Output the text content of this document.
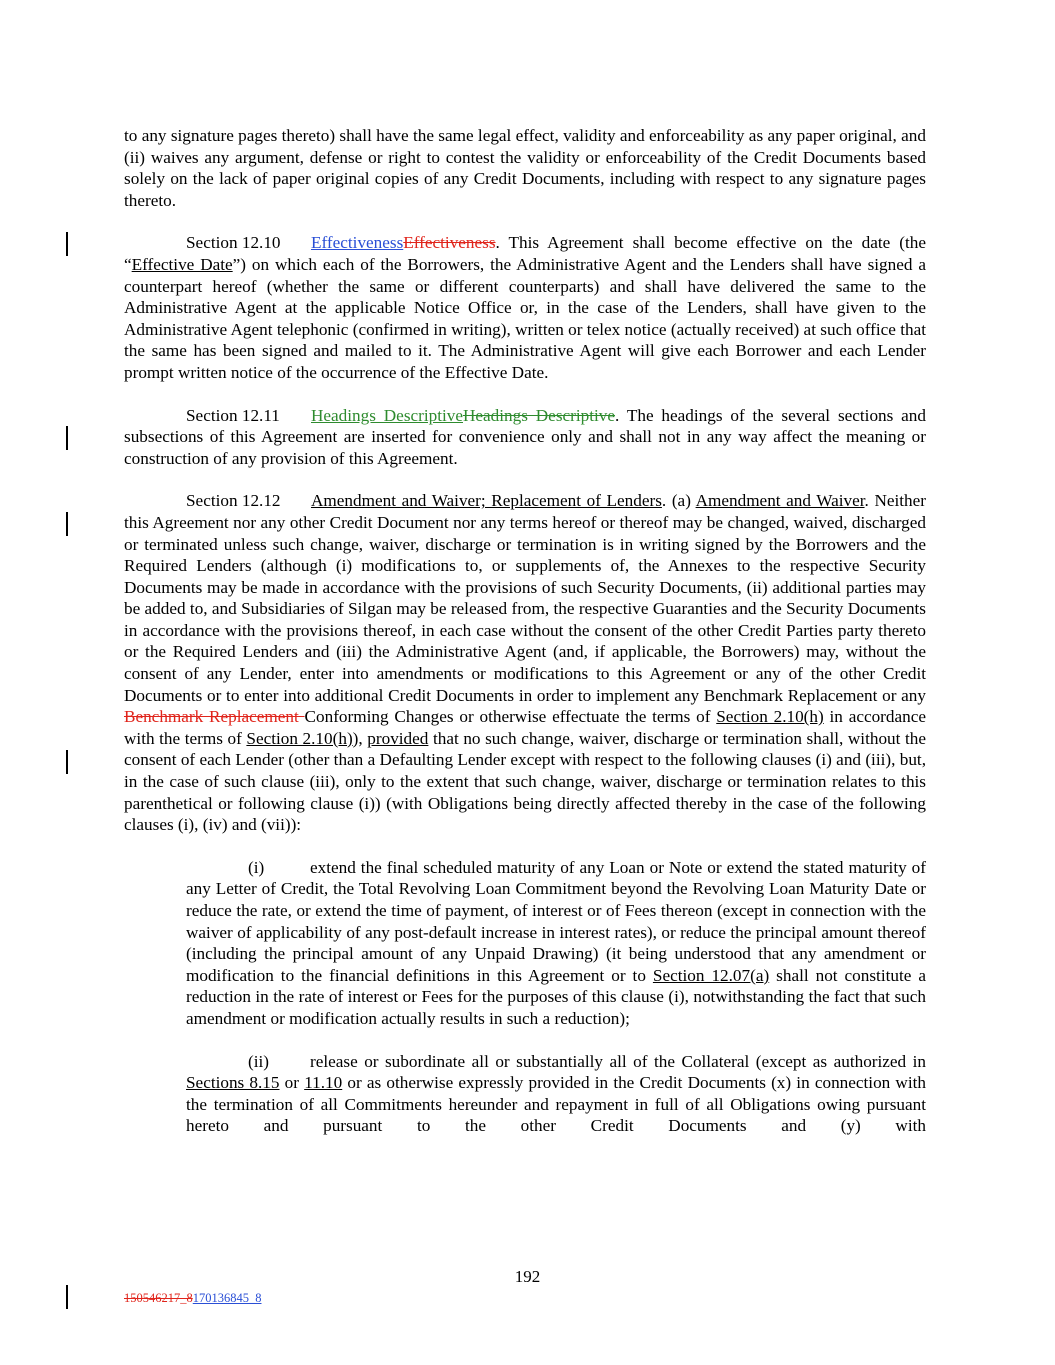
to any signature pages thereto) shall have the same legal effect, validity and enforceability as any paper original, and (ii) waives any argument, defense or right to contest the validity or enforceability of the Credit Documents based solely on the lack of paper original copies of any Credit Documents, including with respect to any signature pages thereto.

Section 12.10 EffectivenessEffectiveness. This Agreement shall become effective on the date (the “Effective Date”) on which each of the Borrowers, the Administrative Agent and the Lenders shall have signed a counterpart hereof (whether the same or different counterparts) and shall have delivered the same to the Administrative Agent at the applicable Notice Office or, in the case of the Lenders, shall have given to the Administrative Agent telephonic (confirmed in writing), written or telex notice (actually received) at such office that the same has been signed and mailed to it. The Administrative Agent will give each Borrower and each Lender prompt written notice of the occurrence of the Effective Date.

Section 12.11 Headings DescriptiveHeadings Descriptive. The headings of the several sections and subsections of this Agreement are inserted for convenience only and shall not in any way affect the meaning or construction of any provision of this Agreement.

Section 12.12 Amendment and Waiver; Replacement of Lenders. (a) Amendment and Waiver. Neither this Agreement nor any other Credit Document nor any terms hereof or thereof may be changed, waived, discharged or terminated unless such change, waiver, discharge or termination is in writing signed by the Borrowers and the Required Lenders (although (i) modifications to, or supplements of, the Annexes to the respective Security Documents may be made in accordance with the provisions of such Security Documents, (ii) additional parties may be added to, and Subsidiaries of Silgan may be released from, the respective Guaranties and the Security Documents in accordance with the provisions thereof, in each case without the consent of the other Credit Parties party thereto or the Required Lenders and (iii) the Administrative Agent (and, if applicable, the Borrowers) may, without the consent of any Lender, enter into amendments or modifications to this Agreement or any of the other Credit Documents or to enter into additional Credit Documents in order to implement any Benchmark Replacement or any Benchmark Replacement Conforming Changes or otherwise effectuate the terms of Section 2.10(h) in accordance with the terms of Section 2.10(h)), provided that no such change, waiver, discharge or termination shall, without the consent of each Lender (other than a Defaulting Lender except with respect to the following clauses (i) and (iii), but, in the case of such clause (iii), only to the extent that such change, waiver, discharge or termination relates to this parenthetical or following clause (i)) (with Obligations being directly affected thereby in the case of the following clauses (i), (iv) and (vii)):

(i)	extend the final scheduled maturity of any Loan or Note or extend the stated maturity of any Letter of Credit, the Total Revolving Loan Commitment beyond the Revolving Loan Maturity Date or reduce the rate, or extend the time of payment, of interest or of Fees thereon (except in connection with the waiver of applicability of any post-default increase in interest rates), or reduce the principal amount thereof (including the principal amount of any Unpaid Drawing) (it being understood that any amendment or modification to the financial definitions in this Agreement or to Section 12.07(a) shall not constitute a reduction in the rate of interest or Fees for the purposes of this clause (i), notwithstanding the fact that such amendment or modification actually results in such a reduction);

(ii) release or subordinate all or substantially all of the Collateral (except as authorized in Sections 8.15 or 11.10 or as otherwise expressly provided in the Credit Documents (x) in connection with the termination of all Commitments hereunder and repayment in full of all Obligations owing pursuant hereto and pursuant to the other Credit Documents and (y) with

192
150546217_8170136845_8
